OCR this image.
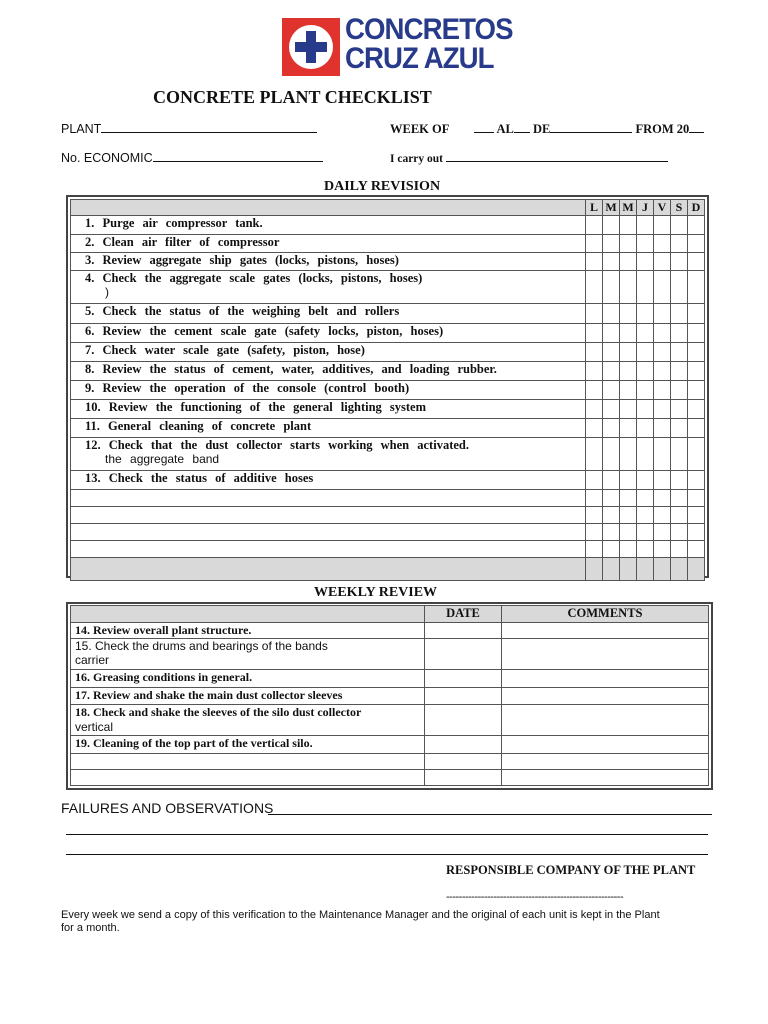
CONCRETOS
CRUZ AZUL
CONCRETE PLANT CHECKLIST
PLANT	WEEK OF	AL DE	FROM 20
No. ECONOMIC	I carry out
DAILY REVISION
	L	M	M	J	V	S	D
1. Purge air compressor tank.							
2. Clean air filter of compressor							
3. Review aggregate ship gates (locks, pistons, hoses)							
4. Check the aggregate scale gates (locks, pistons, hoses)
)							

5. Check the status of the weighing belt and rollers							
6. Review the cement scale gate (safety locks, piston, hoses)							
7. Check water scale gate (safety, piston, hose)							
8. Review the status of cement, water, additives, and loading rubber.							
9. Review the operation of the console (control booth)							
10. Review the functioning of the general lighting system							
11. General cleaning of concrete plant							
12. Check that the dust collector starts working when activated.
the aggregate band							

13. Check the status of additive hoses							

WEEKLY REVIEW
	DATE	COMMENTS

14. Review overall plant structure.		

15. Check the drums and bearings of the bands
carrier		

16. Greasing conditions in general.		

17. Review and shake the main dust collector sleeves		

18. Check and shake the sleeves of the silo dust collector
vertical		

19. Cleaning of the top part of the vertical silo.		

FAILURES AND OBSERVATIONS
RESPONSIBLE COMPANY OF THE PLANT
--------------------------------------------------------
Every week we send a copy of this verification to the Maintenance Manager and the original of each unit is kept in the Plant for a month.
